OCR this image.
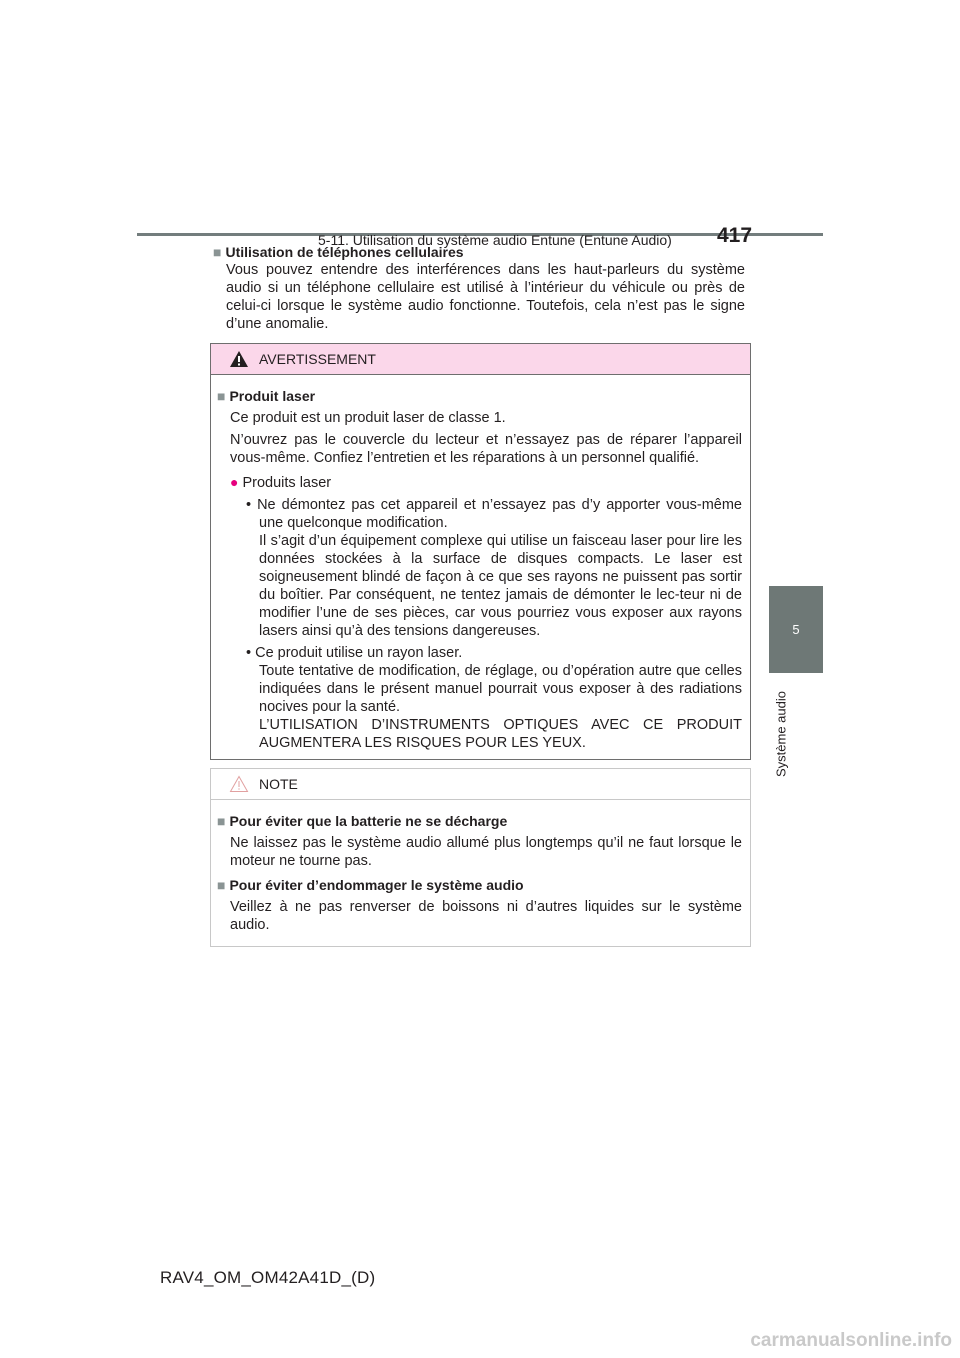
5-11. Utilisation du système audio Entune (Entune Audio) 417
5
Système audio
■ Utilisation de téléphones cellulaires
Vous pouvez entendre des interférences dans les haut-parleurs du système audio si un téléphone cellulaire est utilisé à l’intérieur du véhicule ou près de celui-ci lorsque le système audio fonctionne. Toutefois, cela n’est pas le signe d’une anomalie.
AVERTISSEMENT
■ Produit laser
Ce produit est un produit laser de classe 1.
N’ouvrez pas le couvercle du lecteur et n’essayez pas de réparer l’appareil vous-même. Confiez l’entretien et les réparations à un personnel qualifié.
● Produits laser
• Ne démontez pas cet appareil et n’essayez pas d’y apporter vous-même une quelconque modification.
Il s’agit d’un équipement complexe qui utilise un faisceau laser pour lire les données stockées à la surface de disques compacts. Le laser est soigneusement blindé de façon à ce que ses rayons ne puissent pas sortir du boîtier. Par conséquent, ne tentez jamais de démonter le lec-teur ni de modifier l’une de ses pièces, car vous pourriez vous exposer aux rayons lasers ainsi qu’à des tensions dangereuses.
• Ce produit utilise un rayon laser.
Toute tentative de modification, de réglage, ou d’opération autre que celles indiquées dans le présent manuel pourrait vous exposer à des radiations nocives pour la santé.
L’UTILISATION D’INSTRUMENTS OPTIQUES AVEC CE PRODUIT AUGMENTERA LES RISQUES POUR LES YEUX.
NOTE
■ Pour éviter que la batterie ne se décharge
Ne laissez pas le système audio allumé plus longtemps qu’il ne faut lorsque le moteur ne tourne pas.
■ Pour éviter d’endommager le système audio
Veillez à ne pas renverser de boissons ni d’autres liquides sur le système audio.
RAV4_OM_OM42A41D_(D)
carmanualsonline.info
